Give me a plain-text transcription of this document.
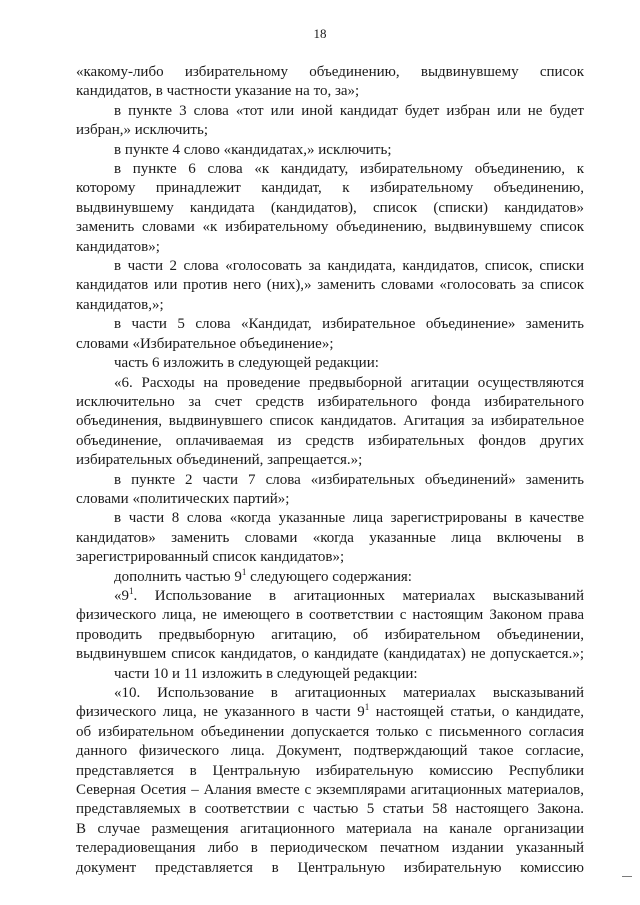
18
«какому-либо избирательному объединению, выдвинувшему список
кандидатов, в частности указание на то, за»;
в пункте 3 слова «тот или иной кандидат будет избран или не будет
избран,» исключить;
в пункте 4 слово «кандидатах,» исключить;
в пункте 6 слова «к кандидату, избирательному объединению, к
которому принадлежит кандидат, к избирательному объединению,
выдвинувшему кандидата (кандидатов), список (списки) кандидатов»
заменить словами «к избирательному объединению, выдвинувшему список
кандидатов»;
в части 2 слова «голосовать за кандидата, кандидатов, список, списки
кандидатов или против него (них),» заменить словами «голосовать за список
кандидатов,»;
в части 5 слова «Кандидат, избирательное объединение» заменить
словами «Избирательное объединение»;
часть 6 изложить в следующей редакции:
«6. Расходы на проведение предвыборной агитации осуществляются
исключительно за счет средств избирательного фонда избирательного
объединения, выдвинувшего список кандидатов. Агитация за избирательное
объединение, оплачиваемая из средств избирательных фондов других
избирательных объединений, запрещается.»;
в пункте 2 части 7 слова «избирательных объединений» заменить
словами «политических партий»;
в части 8 слова «когда указанные лица зарегистрированы в качестве
кандидатов» заменить словами «когда указанные лица включены в
зарегистрированный список кандидатов»;
дополнить частью $9^1$ следующего содержания:
«$9^1$. Использование в агитационных материалах высказываний
физического лица, не имеющего в соответствии с настоящим Законом права
проводить предвыборную агитацию, об избирательном объединении,
выдвинувшем список кандидатов, о кандидате (кандидатах) не допускается.»;
части 10 и 11 изложить в следующей редакции:
«10. Использование в агитационных материалах высказываний
физического лица, не указанного в части $9^1$ настоящей статьи, о кандидате,
об избирательном объединении допускается только с письменного согласия
данного физического лица. Документ, подтверждающий такое согласие,
представляется в Центральную избирательную комиссию Республики
Северная Осетия – Алания вместе с экземплярами агитационных материалов,
представляемых в соответствии с частью 5 статьи 58 настоящего Закона.
В случае размещения агитационного материала на канале организации
телерадиовещания либо в периодическом печатном издании указанный
документ представляется в Центральную избирательную комиссию
